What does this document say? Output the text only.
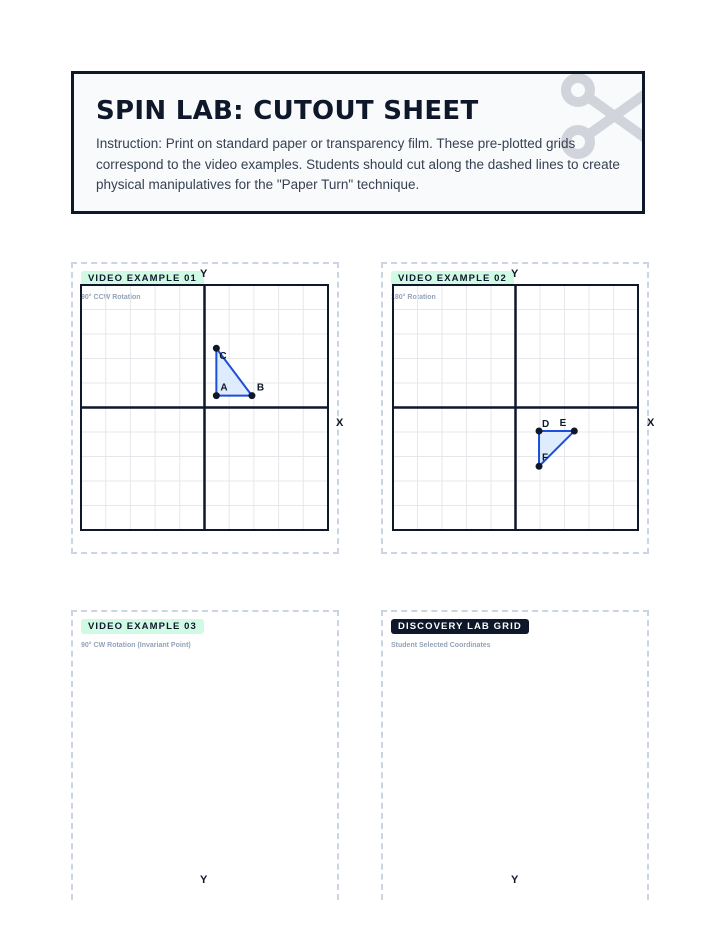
SPIN LAB: CUTOUT SHEET

Instruction: Print on standard paper or transparency film. These pre-plotted grids correspond to the video examples. Students should cut along the dashed lines to create physical manipulatives for the "Paper Turn" technique.

VIDEO EXAMPLE 01
90° CCW Rotation
A	B
C
Y
X
VIDEO EXAMPLE 02
180° Rotation
D E
F
Y
X
VIDEO EXAMPLE 03
90° CW Rotation (Invariant Point)
Y
DISCOVERY LAB GRID
Student Selected Coordinates
Y
